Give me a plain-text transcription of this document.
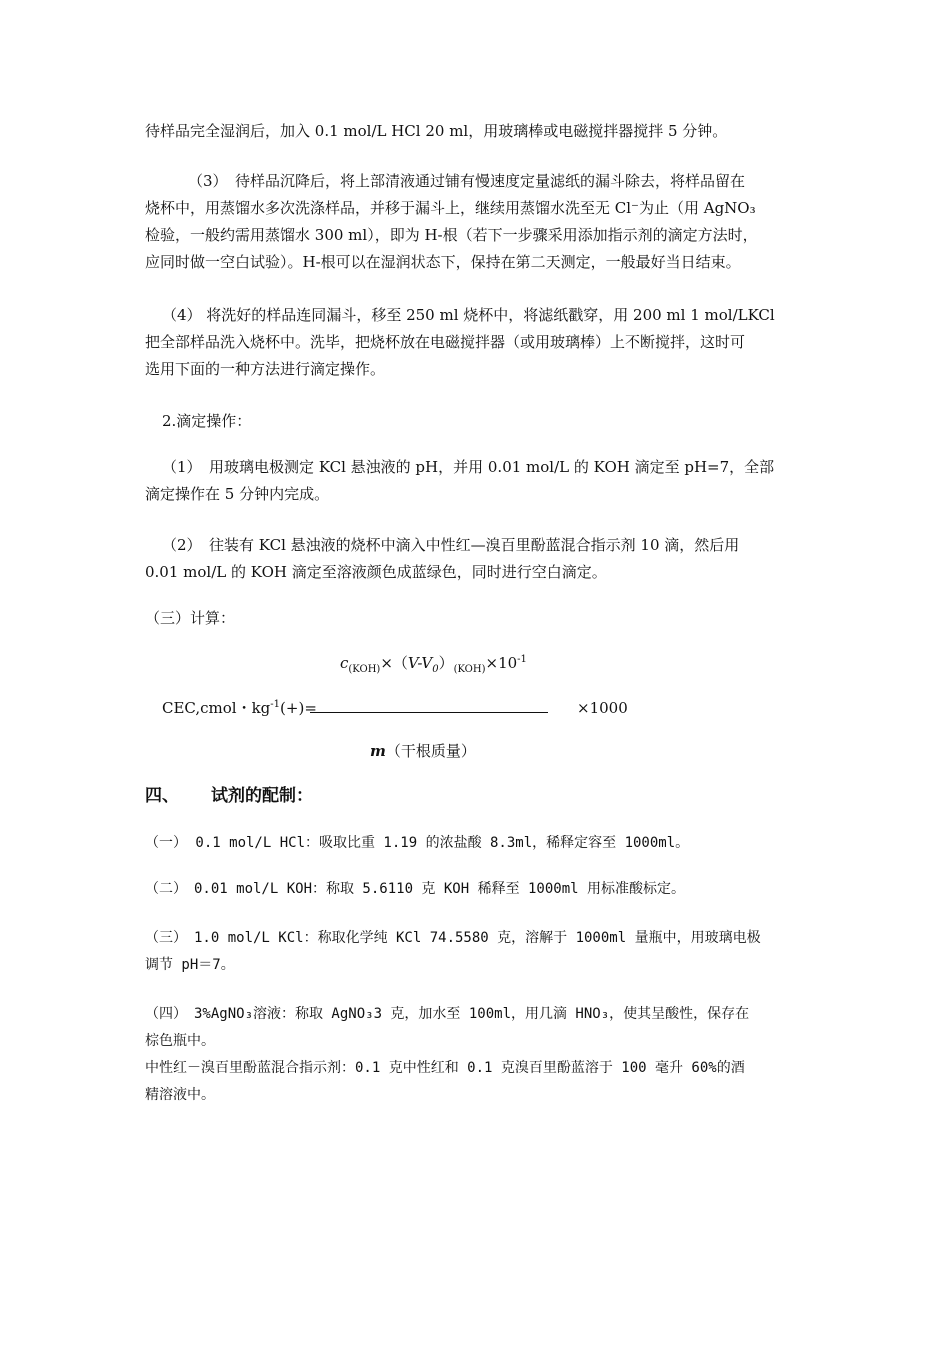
待样品完全湿润后，加入 0.1 mol/L HCl 20 ml，用玻璃棒或电磁搅拌器搅拌 5 分钟。
（3）　待样品沉降后，将上部清液通过铺有慢速度定量滤纸的漏斗除去，将样品留在
烧杯中，用蒸馏水多次洗涤样品，并移于漏斗上，继续用蒸馏水洗至无 Cl⁻为止（用 AgNO₃
检验，一般约需用蒸馏水 300 ml），即为 H-根（若下一步骤采用添加指示剂的滴定方法时，
应同时做一空白试验）。H-根可以在湿润状态下，保持在第二天测定，一般最好当日结束。
（4） 将洗好的样品连同漏斗，移至 250 ml 烧杯中，将滤纸戳穿，用 200 ml 1 mol/LKCl
把全部样品洗入烧杯中。洗毕，把烧杯放在电磁搅拌器（或用玻璃棒）上不断搅拌，这时可
选用下面的一种方法进行滴定操作。
2.滴定操作：
（1）　用玻璃电极测定 KCl 悬浊液的 pH，并用 0.01 mol/L 的 KOH 滴定至 pH=7，全部
滴定操作在 5 分钟内完成。
（2）　往装有 KCl 悬浊液的烧杯中滴入中性红—溴百里酚蓝混合指示剂 10 滴，然后用
0.01 mol/L 的 KOH 滴定至溶液颜色成蓝绿色，同时进行空白滴定。
（三）计算：
$c_{(KOH)}\times(V-V_0)_{(KOH)}\times 10^{-1}$
CEC,cmol・$kg^{-1}(+)=$	×1000
m（干根质量）
四、 试剂的配制：
（一） 0.1 mol/L HCl：吸取比重 1.19 的浓盐酸 8.3ml，稀释定容至 1000ml。
（二）　0.01 mol/L KOH：称取 5.6110 克 KOH 稀释至 1000ml 用标准酸标定。
（三）　1.0 mol/L KCl：称取化学纯 KCl 74.5580 克，溶解于 1000ml 量瓶中，用玻璃电极
调节 pH＝7。
（四）　3%AgNO₃溶液：称取 AgNO₃3 克，加水至 100ml，用几滴 HNO₃，使其呈酸性，保存在
棕色瓶中。
中性红－溴百里酚蓝混合指示剂：0.1 克中性红和 0.1 克溴百里酚蓝溶于 100 毫升 60%的酒
精溶液中。
